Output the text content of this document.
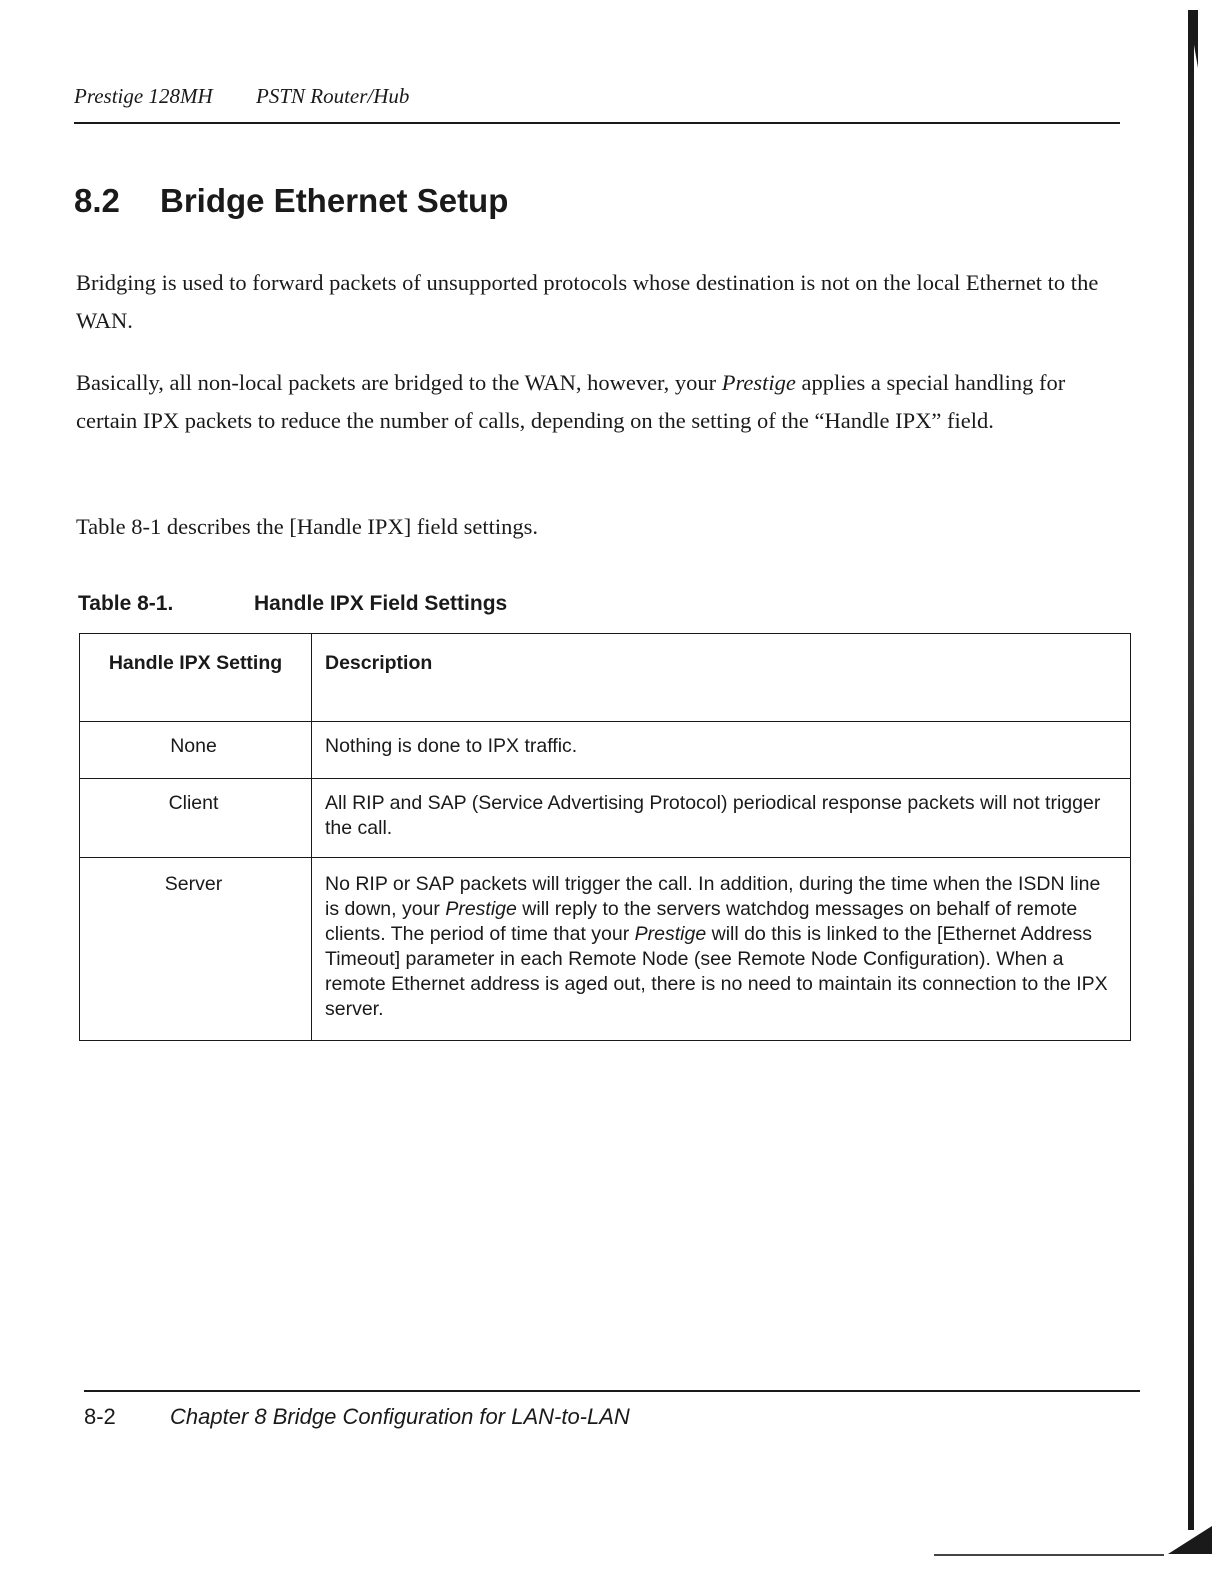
Prestige 128MH PSTN Router/Hub
8.2 Bridge Ethernet Setup

Bridging is used to forward packets of unsupported protocols whose destination is not on the local Ethernet to the WAN.

Basically, all non-local packets are bridged to the WAN, however, your Prestige applies a special handling for certain IPX packets to reduce the number of calls, depending on the setting of the “Handle IPX” field.

Table 8-1 describes the [Handle IPX] field settings.

Table 8-1.	Handle IPX Field Settings
Handle IPX Setting	Description
None	Nothing is done to IPX traffic.
Client	All RIP and SAP (Service Advertising Protocol) periodical response packets will not trigger the call.
Server	No RIP or SAP packets will trigger the call. In addition, during the time when the ISDN line is down, your Prestige will reply to the servers watchdog messages on behalf of remote clients. The period of time that your Prestige will do this is linked to the [Ethernet Address Timeout] parameter in each Remote Node (see Remote Node Configuration). When a remote Ethernet address is aged out, there is no need to maintain its connection to the IPX server.
8-2 Chapter 8 Bridge Configuration for LAN-to-LAN
